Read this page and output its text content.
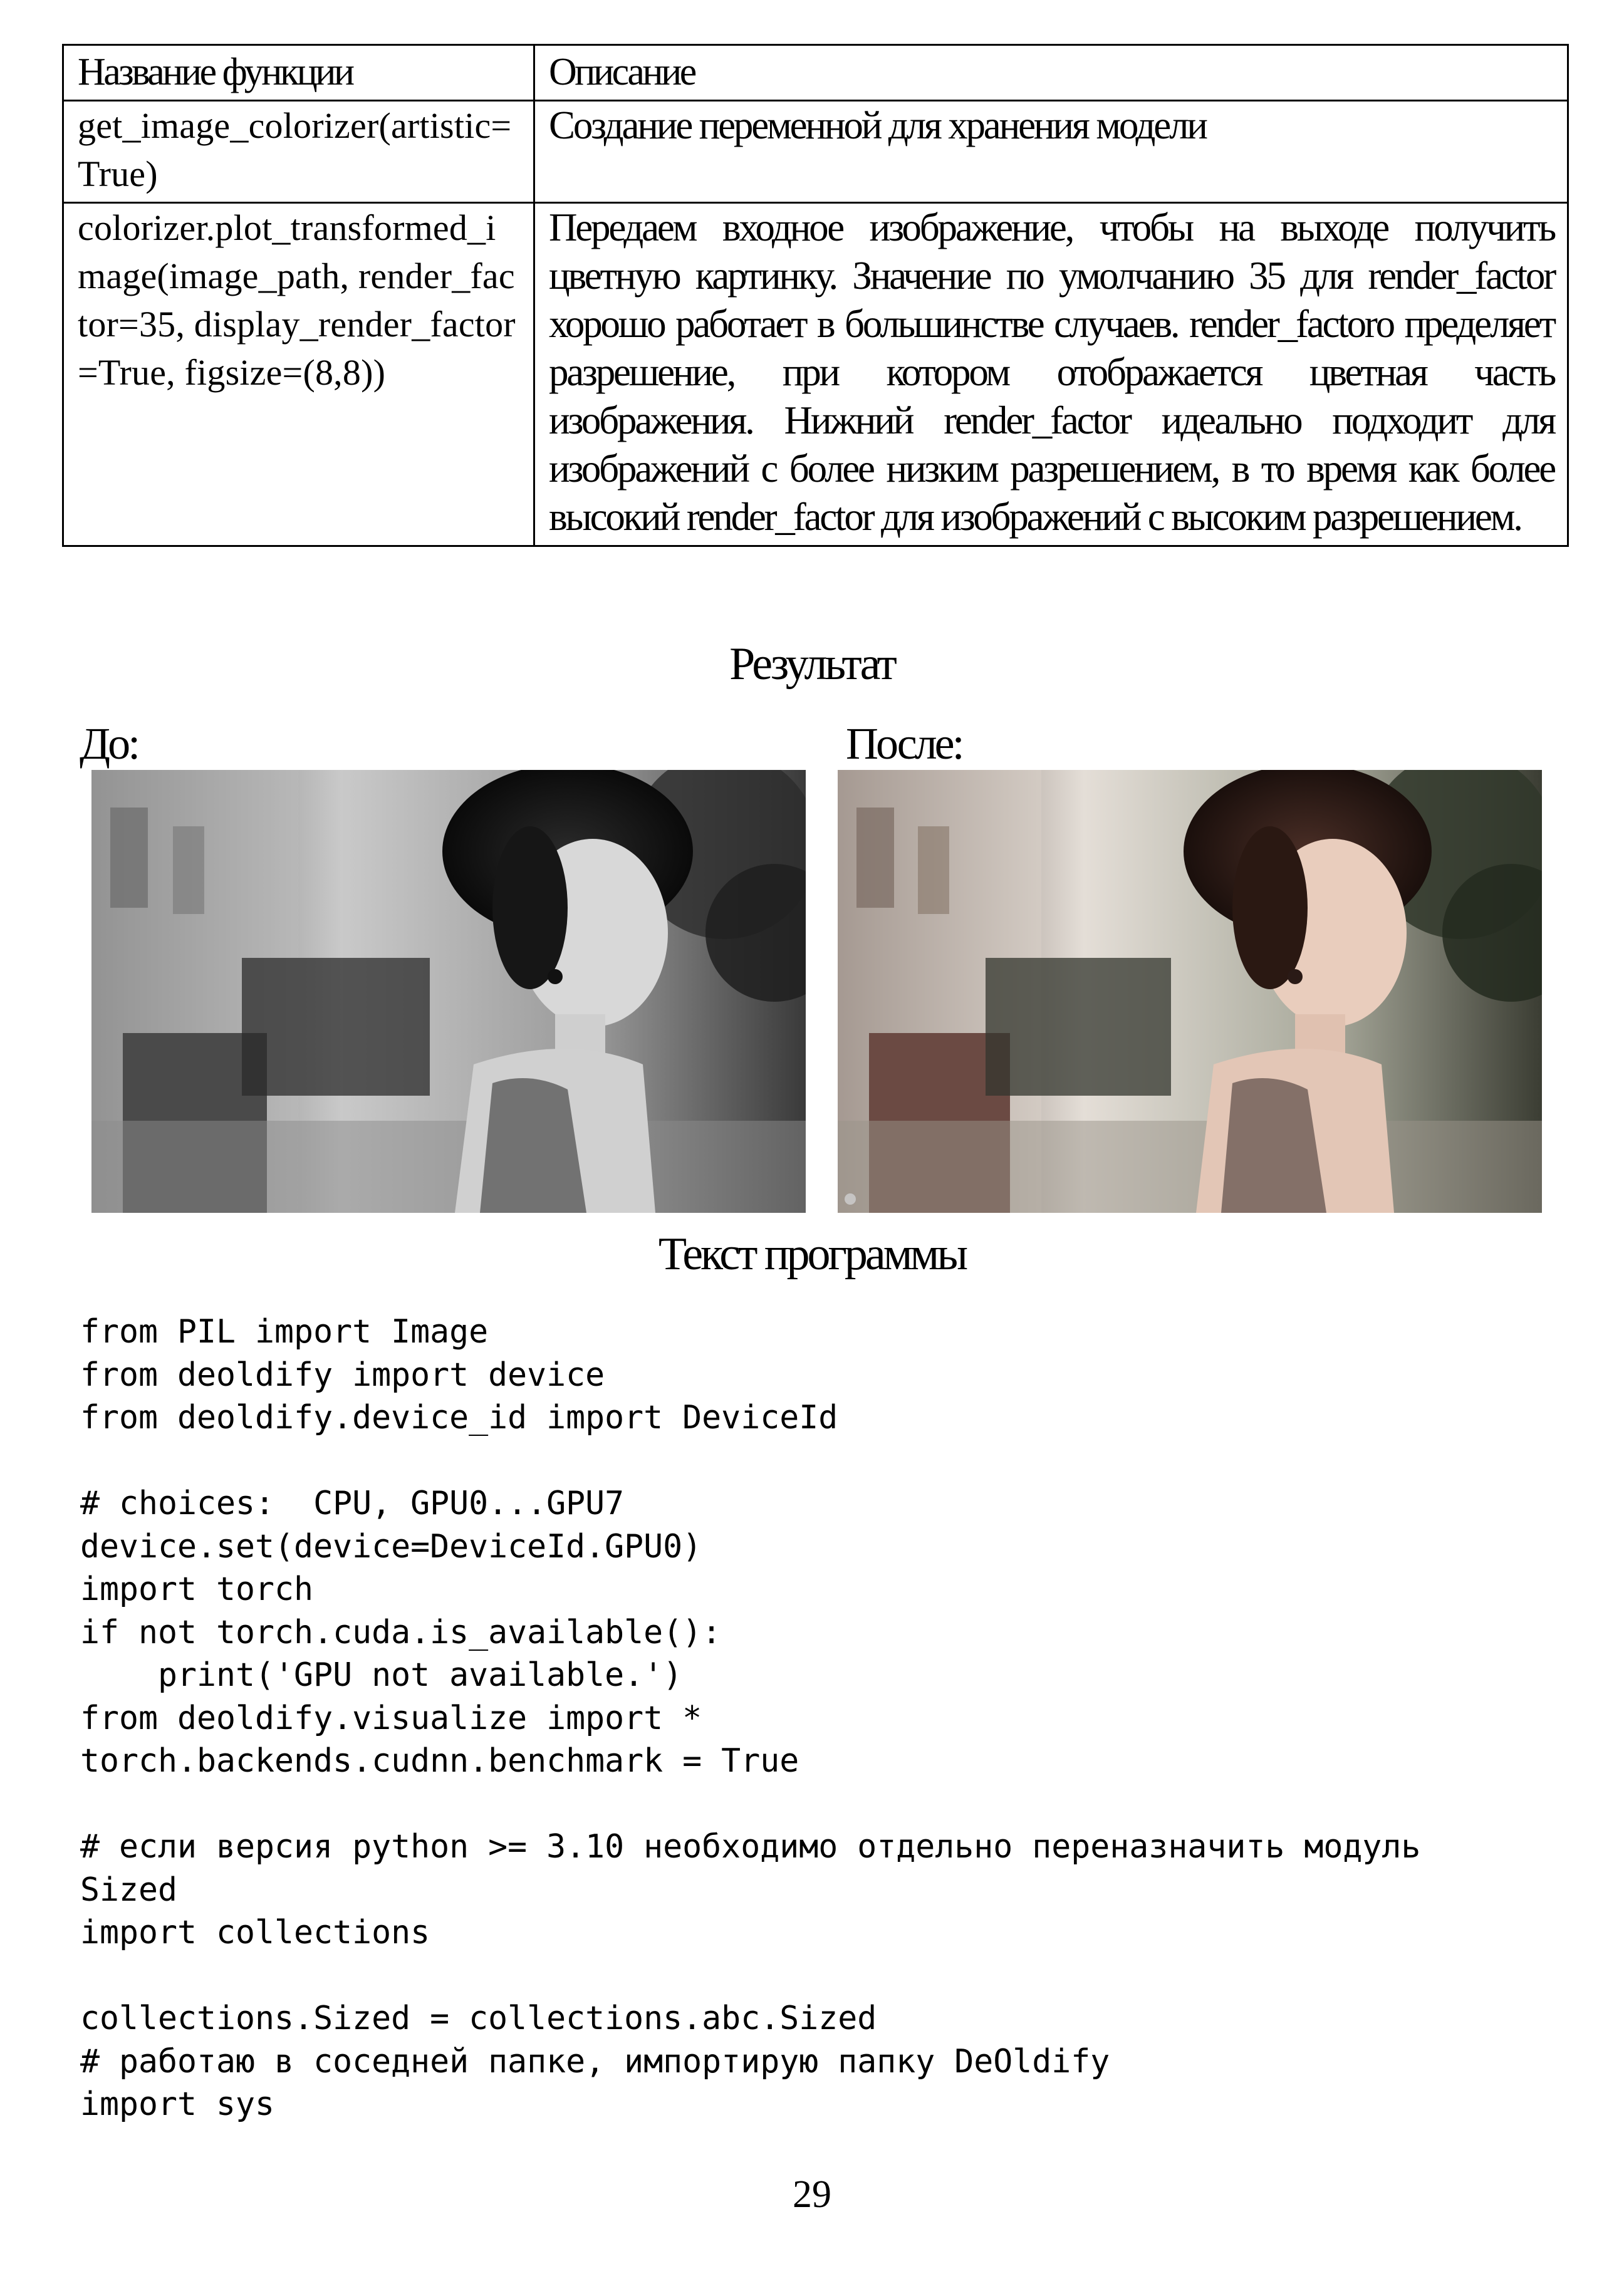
Название функции	Описание
get_image_colorizer(artistic=True)	Создание переменной для хранения модели
colorizer.plot_transformed_image(image_path, render_factor=35, display_render_factor=True, figsize=(8,8))	Передаем входное изображение, чтобы на выходе получить цветную картинку. Значение по умолчанию 35 для render_factor хорошо работает в большинстве случаев. render_factoro пределяет разрешение, при котором отображается цветная часть изображения. Нижний render_factor идеально подходит для изображений с более низким разрешением, в то время как более высокий render_factor для изображений с высоким разрешением.
Результат
До:	После:
Текст программы
from PIL import Image
from deoldify import device
from deoldify.device_id import DeviceId
# choices:  CPU, GPU0...GPU7
device.set(device=DeviceId.GPU0)
import torch
if not torch.cuda.is_available():
print('GPU not available.')
from deoldify.visualize import *
torch.backends.cudnn.benchmark = True
# если версия python >= 3.10 необходимо отдельно переназначить модуль
Sized
import collections
collections.Sized = collections.abc.Sized
# работаю в соседней папке, импортирую папку DeOldify
import sys
29
